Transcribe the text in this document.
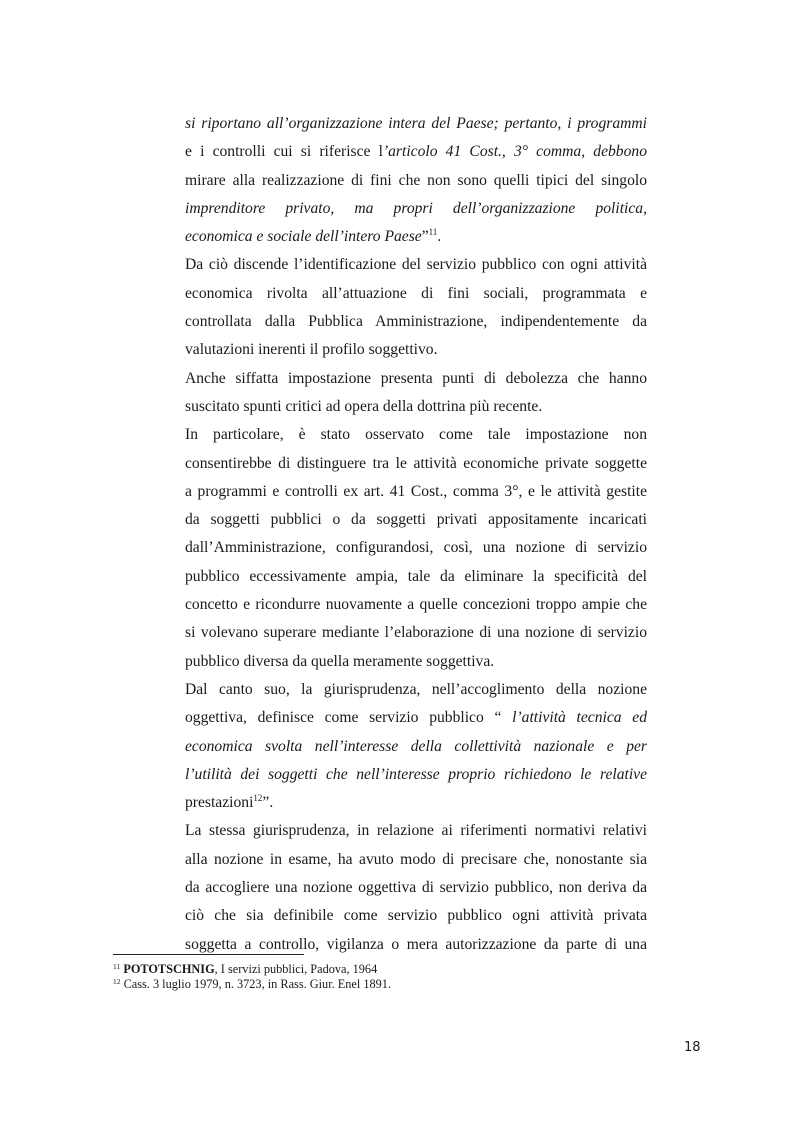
si riportano all’organizzazione intera del Paese; pertanto, i programmi
e i controlli cui si riferisce l’articolo 41 Cost., 3° comma, debbono
mirare alla realizzazione di fini che non sono quelli tipici del singolo
imprenditore privato, ma propri dell’organizzazione politica,
economica e sociale dell’intero Paese”$^{11}$.
Da ciò discende l’identificazione del servizio pubblico con ogni attività
economica rivolta all’attuazione di fini sociali, programmata e
controllata dalla Pubblica Amministrazione, indipendentemente da
valutazioni inerenti il profilo soggettivo.
Anche siffatta impostazione presenta punti di debolezza che hanno
suscitato spunti critici ad opera della dottrina più recente.
In particolare, è stato osservato come tale impostazione non
consentirebbe di distinguere tra le attività economiche private soggette
a programmi e controlli ex art. 41 Cost., comma 3°, e le attività gestite
da soggetti pubblici o da soggetti privati appositamente incaricati
dall’Amministrazione, configurandosi, così, una nozione di servizio
pubblico eccessivamente ampia, tale da eliminare la specificità del
concetto e ricondurre nuovamente a quelle concezioni troppo ampie che
si volevano superare mediante l’elaborazione di una nozione di servizio
pubblico diversa da quella meramente soggettiva.
Dal canto suo, la giurisprudenza, nell’accoglimento della nozione
oggettiva, definisce come servizio pubblico “ l’attività tecnica ed
economica svolta nell’interesse della collettività nazionale e per
l’utilità dei soggetti che nell’interesse proprio richiedono le relative
prestazioni$^{12}$”.
La stessa giurisprudenza, in relazione ai riferimenti normativi relativi
alla nozione in esame, ha avuto modo di precisare che, nonostante sia
da accogliere una nozione oggettiva di servizio pubblico, non deriva da
ciò che sia definibile come servizio pubblico ogni attività privata
soggetta a controllo, vigilanza o mera autorizzazione da parte di una
$^{11}$ POTOTSCHNIG, I servizi pubblici, Padova, 1964
$^{12}$ Cass. 3 luglio 1979, n. 3723, in Rass. Giur. Enel 1891.
18
